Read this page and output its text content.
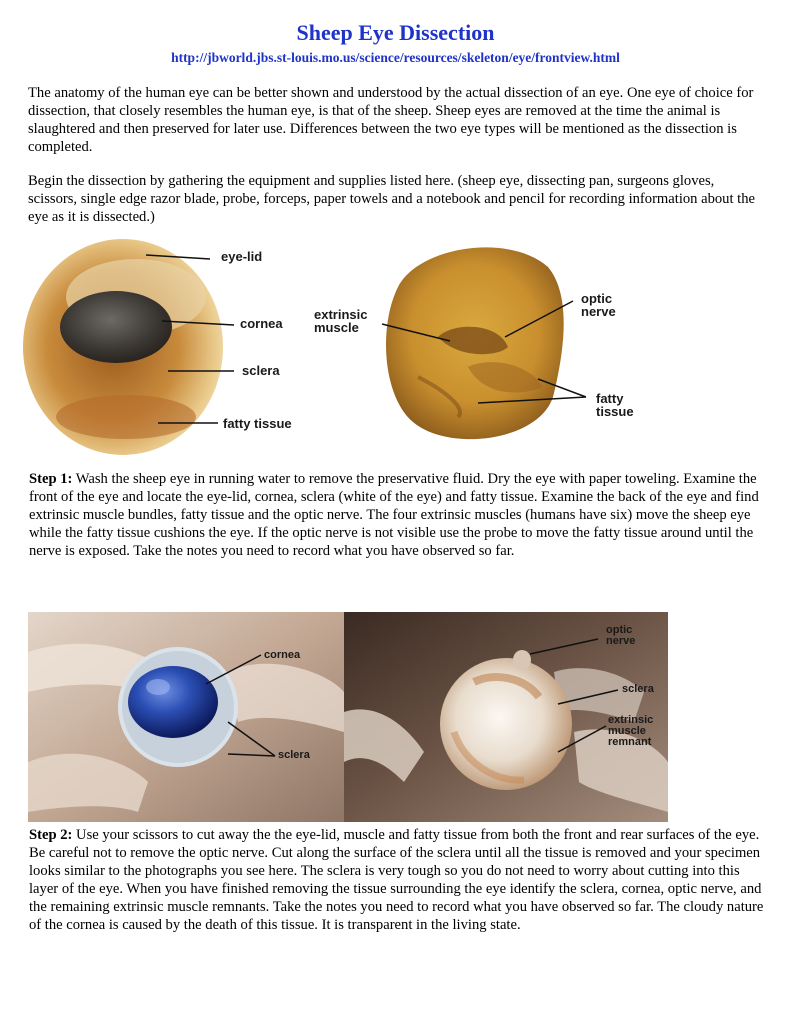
Sheep Eye Dissection
http://jbworld.jbs.st-louis.mo.us/science/resources/skeleton/eye/frontview.html

The anatomy of the human eye can be better shown and understood by the actual dissection of an eye. One eye of choice for dissection, that closely resembles the human eye, is that of the sheep. Sheep eyes are removed at the time the animal is slaughtered and then preserved for later use. Differences between the two eye types will be mentioned as the dissection is completed.

Begin the dissection by gathering the equipment and supplies listed here. (sheep eye, dissecting pan, surgeons gloves, scissors, single edge razor blade, probe, forceps, paper towels and a notebook and pencil for recording information about the eye as it is dissected.)

eye-lid
cornea
sclera
fatty tissue
extrinsic
muscle
optic
nerve
fatty
tissue

Step 1: Wash the sheep eye in running water to remove the preservative fluid. Dry the eye with paper toweling. Examine the front of the eye and locate the eye-lid, cornea, sclera (white of the eye) and fatty tissue. Examine the back of the eye and find extrinsic muscle bundles, fatty tissue and the optic nerve. The four extrinsic muscles (humans have six) move the sheep eye while the fatty tissue cushions the eye. If the optic nerve is not visible use the probe to move the fatty tissue around until the nerve is exposed. Take the notes you need to record what you have observed so far.

cornea
sclera
optic
nerve
sclera
extrinsic
muscle
remnant

Step 2: Use your scissors to cut away the the eye-lid, muscle and fatty tissue from both the front and rear surfaces of the eye. Be careful not to remove the optic nerve. Cut along the surface of the sclera until all the tissue is removed and your specimen looks similar to the photographs you see here. The sclera is very tough so you do not need to worry about cutting into this layer of the eye. When you have finished removing the tissue surrounding the eye identify the sclera, cornea, optic nerve, and the remaining extrinsic muscle remnants. Take the notes you need to record what you have observed so far. The cloudy nature of the cornea is caused by the death of this tissue. It is transparent in the living state.
